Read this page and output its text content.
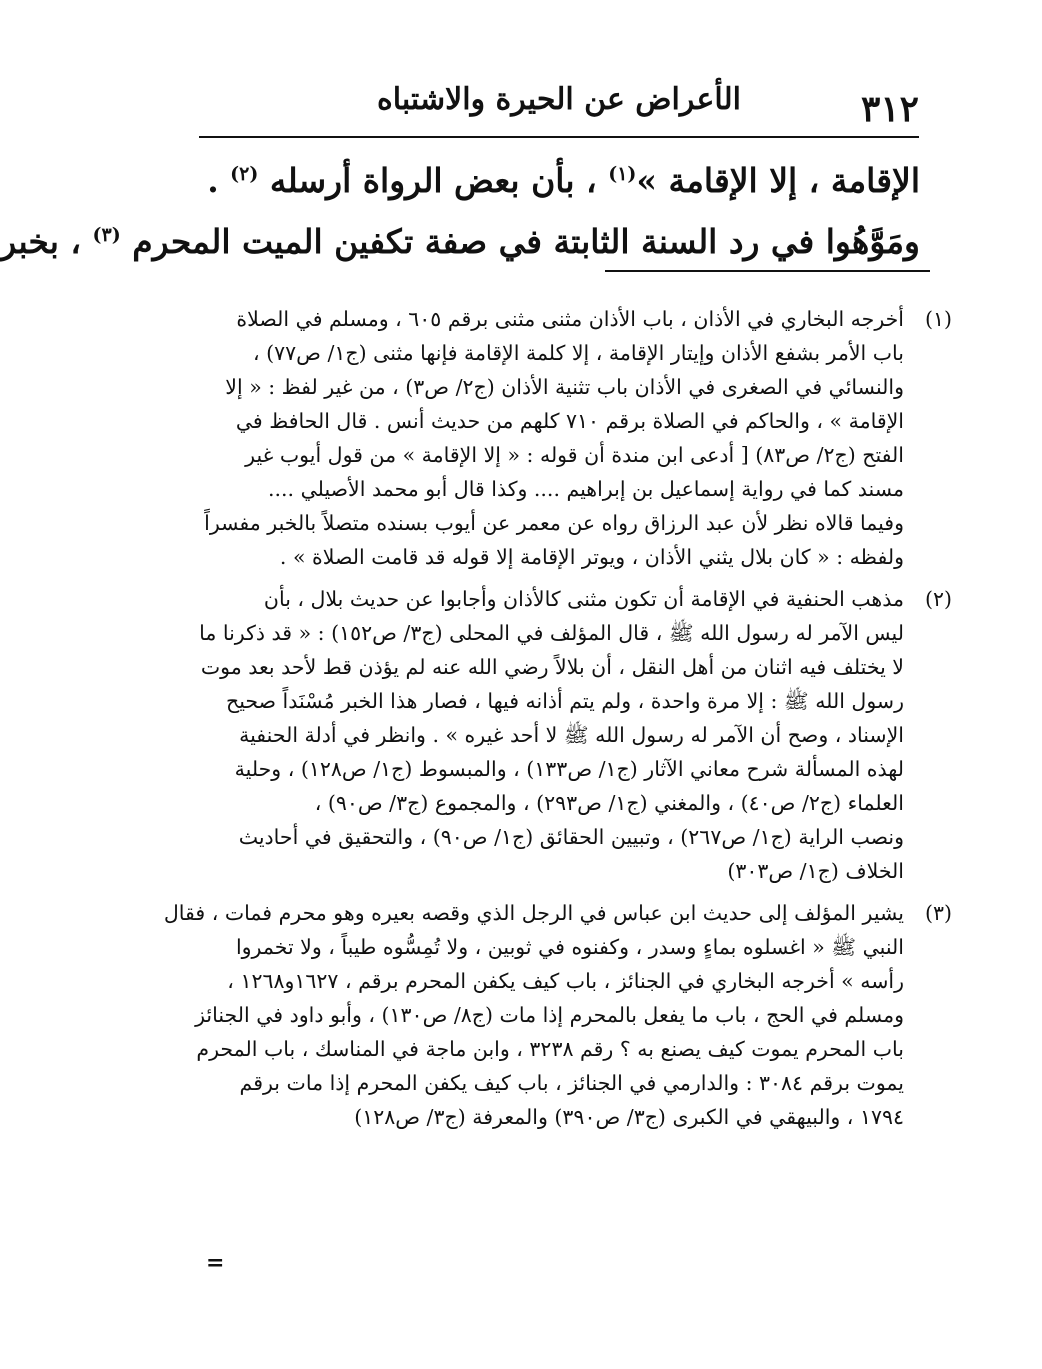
٣١٢
الأعراض عن الحيرة والاشتباه
الإقامة ، إلا الإقامة »$^{(١)}$ ، بأن بعض الرواة أرسله $^{(٢)}$ .
ومَوَّهُوا في رد السنة الثابتة في صفة تكفين الميت المحرم $^{(٣)}$ ، بخبر
(١)
أخرجه البخاري في الأذان ، باب الأذان مثنى مثنى برقم ٦٠٥ ، ومسلم في الصلاة
باب الأمر بشفع الأذان وإيتار الإقامة ، إلا كلمة الإقامة فإنها مثنى (ج١/ ص٧٧) ،
والنسائي في الصغرى في الأذان باب تثنية الأذان (ج٢/ ص٣) ، من غير لفظ : « إلا
الإقامة » ، والحاكم في الصلاة برقم ٧١٠ كلهم من حديث أنس . قال الحافظ في
الفتح (ج٢/ ص٨٣) [ أدعى ابن مندة أن قوله : « إلا الإقامة » من قول أيوب غير
مسند كما في رواية إسماعيل بن إبراهيم .... وكذا قال أبو محمد الأصيلي ....
وفيما قالاه نظر لأن عبد الرزاق رواه عن معمر عن أيوب بسنده متصلاً بالخبر مفسراً
ولفظه : « كان بلال يثني الأذان ، ويوتر الإقامة إلا قوله قد قامت الصلاة » .
(٢)
مذهب الحنفية في الإقامة أن تكون مثنى كالأذان وأجابوا عن حديث بلال ، بأن
ليس الآمر له رسول الله ﷺ ، قال المؤلف في المحلى (ج٣/ ص١٥٢) : « قد ذكرنا ما
لا يختلف فيه اثنان من أهل النقل ، أن بلالاً رضي الله عنه لم يؤذن قط لأحد بعد موت
رسول الله ﷺ : إلا مرة واحدة ، ولم يتم أذانه فيها ، فصار هذا الخبر مُسْنَداً صحيح
الإسناد ، وصح أن الآمر له رسول الله ﷺ لا أحد غيره » . وانظر في أدلة الحنفية
لهذه المسألة شرح معاني الآثار (ج١/ ص١٣٣) ، والمبسوط (ج١/ ص١٢٨) ، وحلية
العلماء (ج٢/ ص٤٠) ، والمغني (ج١/ ص٢٩٣) ، والمجموع (ج٣/ ص٩٠) ،
ونصب الراية (ج١/ ص٢٦٧) ، وتبيين الحقائق (ج١/ ص٩٠) ، والتحقيق في أحاديث
الخلاف (ج١/ ص٣٠٣)
(٣)
يشير المؤلف إلى حديث ابن عباس في الرجل الذي وقصه بعيره وهو محرم فمات ، فقال
النبي ﷺ « اغسلوه بماءٍ وسدر ، وكفنوه في ثوبين ، ولا تُمِسُّوه طيباً ، ولا تخمروا
رأسه » أخرجه البخاري في الجنائز ، باب كيف يكفن المحرم برقم ، ١٦٢٧و١٢٦٨ ،
ومسلم في الحج ، باب ما يفعل بالمحرم إذا مات (ج٨/ ص١٣٠) ، وأبو داود في الجنائز
باب المحرم يموت كيف يصنع به ؟ رقم ٣٢٣٨ ، وابن ماجة في المناسك ، باب المحرم
يموت برقم ٣٠٨٤ : والدارمي في الجنائز ، باب كيف يكفن المحرم إذا مات برقم
١٧٩٤ ، والبيهقي في الكبرى (ج٣/ ص٣٩٠) والمعرفة (ج٣/ ص١٢٨)
=
